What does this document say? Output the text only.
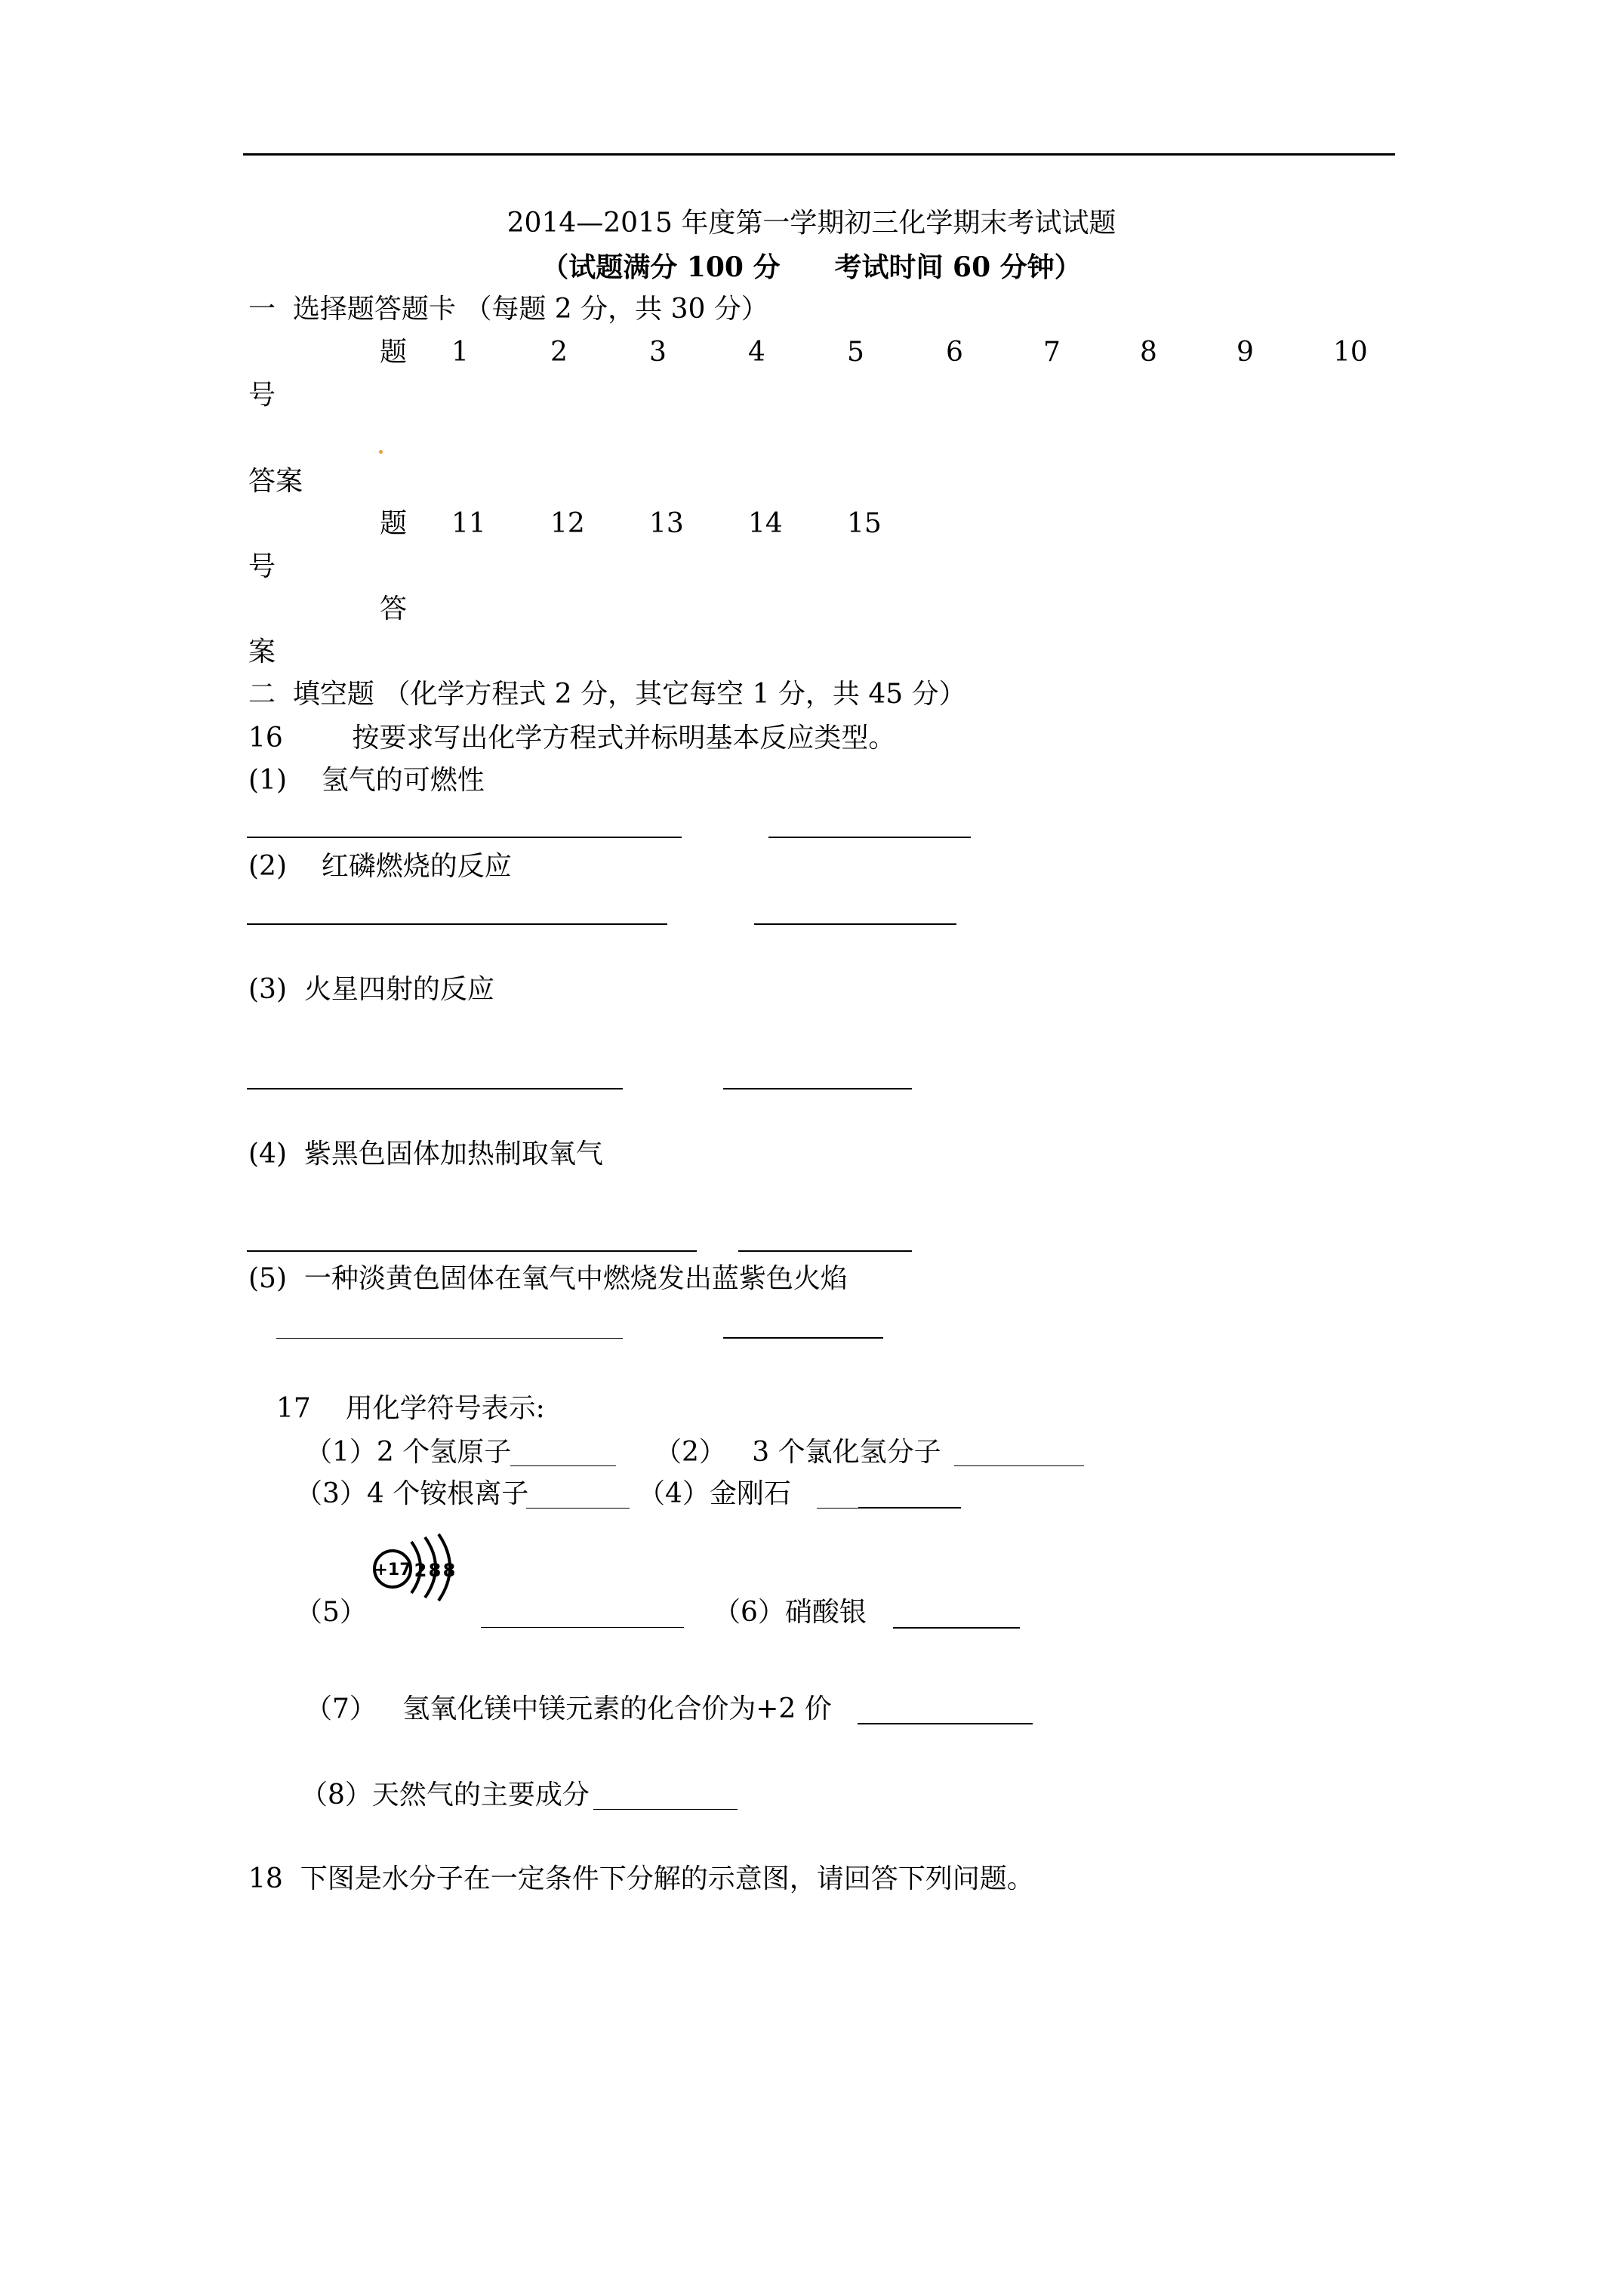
2014—2015 年度第一学期初三化学期末考试试题
（试题满分 100 分　　考试时间 60 分钟）
一  选择题答题卡 （每题 2 分，共 30 分）
题 1	2	3	4	5	6	7	8	9	10
号
答案
题 11 12 13 14 15
号
答
案
二  填空题 （化学方程式 2 分，其它每空 1 分，共 45 分）
16        按要求写出化学方程式并标明基本反应类型。
(1)    氢气的可燃性
(2)    红磷燃烧的反应
(3)  火星四射的反应
(4)  紫黑色固体加热制取氧气
(5)  一种淡黄色固体在氧气中燃烧发出蓝紫色火焰
17    用化学符号表示:
（1）2 个氢原子	（2）   3 个氯化氢分子
（3）4 个铵根离子	（4）金刚石
+17 2 8 8
（5）	（6）硝酸银
（7）   氢氧化镁中镁元素的化合价为+2 价
（8）天然气的主要成分
18  下图是水分子在一定条件下分解的示意图，请回答下列问题。
